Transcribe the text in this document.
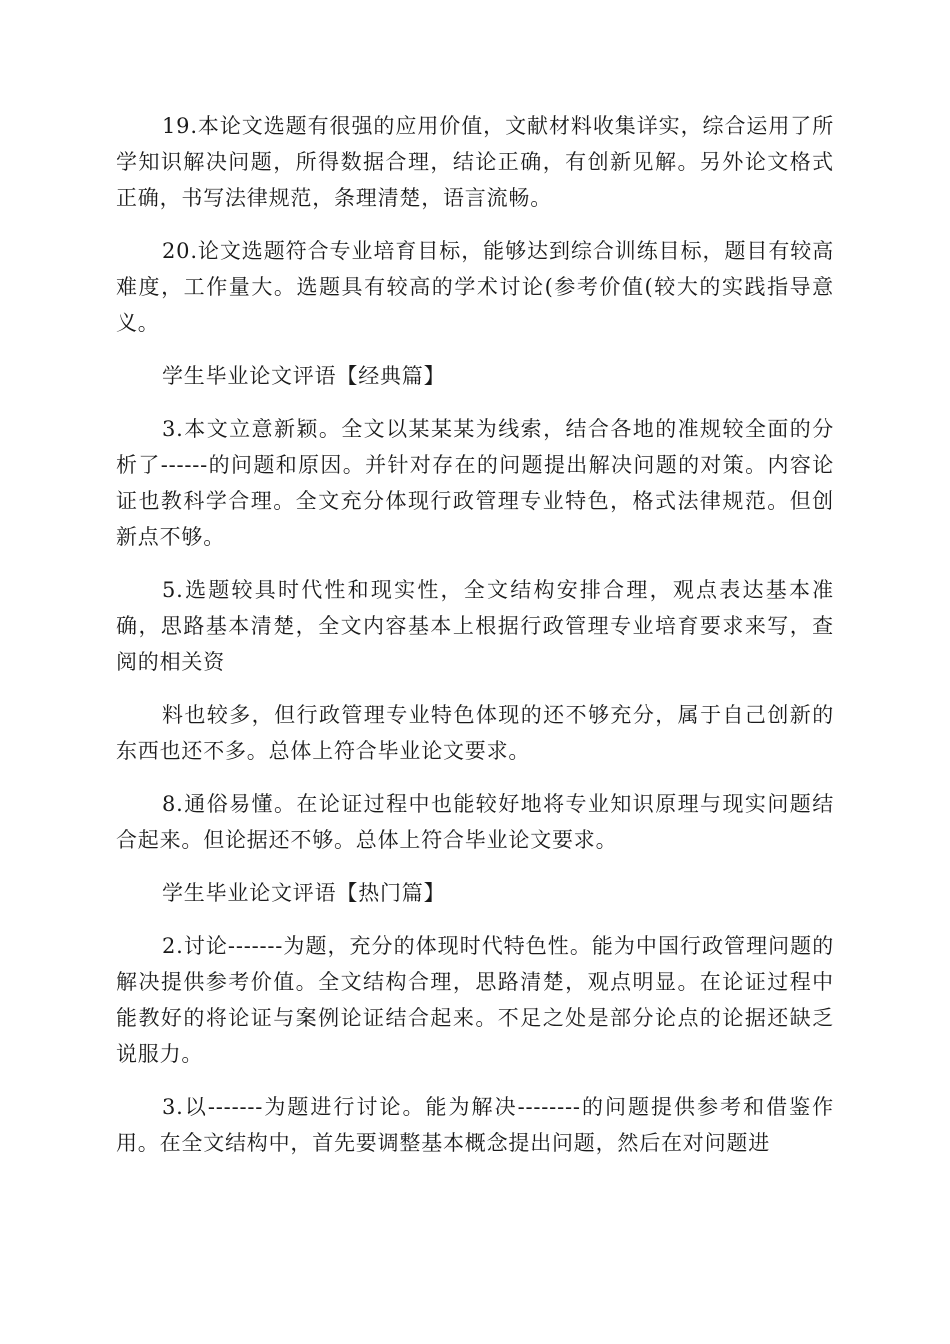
19.本论文选题有很强的应用价值，文献材料收集详实，综合运用了所学知识解决问题，所得数据合理，结论正确，有创新见解。另外论文格式正确，书写法律规范，条理清楚，语言流畅。

20.论文选题符合专业培育目标，能够达到综合训练目标，题目有较高难度，工作量大。选题具有较高的学术讨论(参考价值(较大的实践指导意义。

学生毕业论文评语【经典篇】

3.本文立意新颖。全文以某某某为线索，结合各地的准规较全面的分析了------的问题和原因。并针对存在的问题提出解决问题的对策。内容论证也教科学合理。全文充分体现行政管理专业特色，格式法律规范。但创新点不够。

5.选题较具时代性和现实性，全文结构安排合理，观点表达基本准确，思路基本清楚，全文内容基本上根据行政管理专业培育要求来写，查阅的相关资

料也较多，但行政管理专业特色体现的还不够充分，属于自己创新的东西也还不多。总体上符合毕业论文要求。

8.通俗易懂。在论证过程中也能较好地将专业知识原理与现实问题结合起来。但论据还不够。总体上符合毕业论文要求。

学生毕业论文评语【热门篇】

2.讨论-------为题，充分的体现时代特色性。能为中国行政管理问题的解决提供参考价值。全文结构合理，思路清楚，观点明显。在论证过程中能教好的将论证与案例论证结合起来。不足之处是部分论点的论据还缺乏说服力。

3.以-------为题进行讨论。能为解决--------的问题提供参考和借鉴作用。在全文结构中，首先要调整基本概念提出问题，然后在对问题进
